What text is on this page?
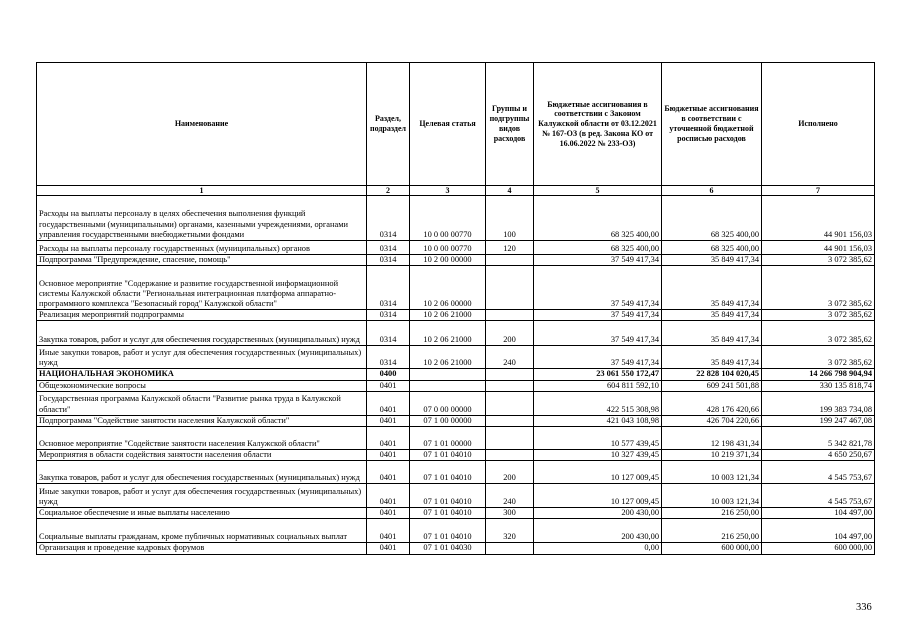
Наименование	Раздел, подраздел	Целевая статья	Группы и подгруппы видов расходов	Бюджетные ассигнования в соответствии с Законом Калужской области от 03.12.2021 № 167-ОЗ (в ред. Закона КО от 16.06.2022 № 233-ОЗ)	Бюджетные ассигнования в соответствии с уточненной бюджетной росписью расходов	Исполнено
1	2	3	4	5	6	7
Расходы на выплаты персоналу в целях обеспечения выполнения функций государственными (муниципальными) органами, казенными учреждениями, органами управления государственными внебюджетными фондами	0314	10 0 00 00770	100	68 325 400,00	68 325 400,00	44 901 156,03
Расходы на выплаты персоналу государственных (муниципальных) органов	0314	10 0 00 00770	120	68 325 400,00	68 325 400,00	44 901 156,03
Подпрограмма "Предупреждение, спасение, помощь"	0314	10 2 00 00000		37 549 417,34	35 849 417,34	3 072 385,62
Основное мероприятие "Содержание и развитие государственной информационной системы Калужской области "Региональная интеграционная платформа аппаратно-программного комплекса "Безопасный город" Калужской области"	0314	10 2 06 00000		37 549 417,34	35 849 417,34	3 072 385,62
Реализация мероприятий подпрограммы	0314	10 2 06 21000		37 549 417,34	35 849 417,34	3 072 385,62
Закупка товаров, работ и услуг для обеспечения государственных (муниципальных) нужд	0314	10 2 06 21000	200	37 549 417,34	35 849 417,34	3 072 385,62
Иные закупки товаров, работ и услуг для обеспечения государственных (муниципальных) нужд	0314	10 2 06 21000	240	37 549 417,34	35 849 417,34	3 072 385,62
НАЦИОНАЛЬНАЯ ЭКОНОМИКА	0400			23 061 550 172,47	22 828 104 020,45	14 266 798 904,94
Общеэкономические вопросы	0401			604 811 592,10	609 241 501,88	330 135 818,74
Государственная программа Калужской области "Развитие рынка труда в Калужской области"	0401	07 0 00 00000		422 515 308,98	428 176 420,66	199 383 734,08
Подпрограмма "Содействие занятости населения Калужской области"	0401	07 1 00 00000		421 043 108,98	426 704 220,66	199 247 467,08
Основное мероприятие "Содействие занятости населения Калужской области"	0401	07 1 01 00000		10 577 439,45	12 198 431,34	5 342 821,78
Мероприятия в области содействия занятости населения области	0401	07 1 01 04010		10 327 439,45	10 219 371,34	4 650 250,67
Закупка товаров, работ и услуг для обеспечения государственных (муниципальных) нужд	0401	07 1 01 04010	200	10 127 009,45	10 003 121,34	4 545 753,67
Иные закупки товаров, работ и услуг для обеспечения государственных (муниципальных) нужд	0401	07 1 01 04010	240	10 127 009,45	10 003 121,34	4 545 753,67
Социальное обеспечение и иные выплаты населению	0401	07 1 01 04010	300	200 430,00	216 250,00	104 497,00
Социальные выплаты гражданам, кроме публичных нормативных социальных выплат	0401	07 1 01 04010	320	200 430,00	216 250,00	104 497,00
Организация и проведение кадровых форумов	0401	07 1 01 04030		0,00	600 000,00	600 000,00
336
